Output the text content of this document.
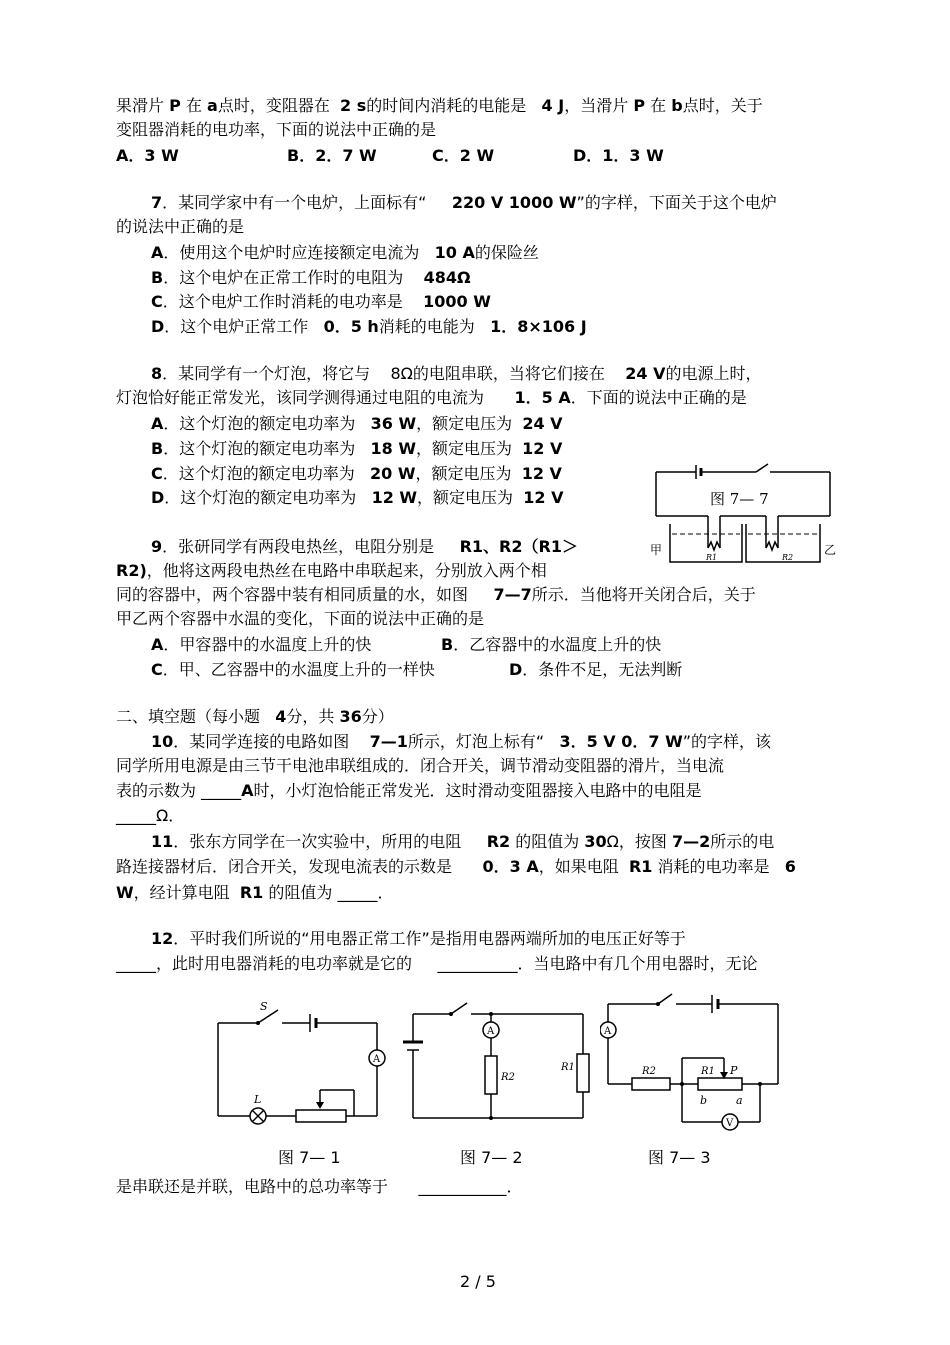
果滑片 P 在 a点时，变阻器在 2 s的时间内消耗的电能是 4 J，当滑片 P 在 b点时，关于
变阻器消耗的电功率，下面的说法中正确的是
A．3 W	B．2．7 W	C．2 W	D．1．3 W
7．某同学家中有一个电炉，上面标有“ 220 V 1000 W”的字样，下面关于这个电炉
的说法中正确的是
A．使用这个电炉时应连接额定电流为 10 A的保险丝
B．这个电炉在正常工作时的电阻为 484Ω
C．这个电炉工作时消耗的电功率是 1000 W
D．这个电炉正常工作 0．5 h消耗的电能为 1．8×106 J
8．某同学有一个灯泡，将它与 8Ω的电阻串联，当将它们接在 24 V的电源上时，
灯泡恰好能正常发光，该同学测得通过电阻的电流为 1．5 A．下面的说法中正确的是
A．这个灯泡的额定电功率为 36 W，额定电压为 24 V
B．这个灯泡的额定电功率为 18 W，额定电压为 12 V
C．这个灯泡的额定电功率为 20 W，额定电压为 12 V
D．这个灯泡的额定电功率为 12 W，额定电压为 12 V	图 7— 7
甲	乙
R1	R2
9．张研同学有两段电热丝，电阻分别是 R1、R2（R1＞
R2)，他将这两段电热丝在电路中串联起来，分别放入两个相
同的容器中，两个容器中装有相同质量的水，如图 7—7所示．当他将开关闭合后，关于
甲乙两个容器中水温的变化，下面的说法中正确的是
A．甲容器中的水温度上升的快	B．乙容器中的水温度上升的快
C．甲、乙容器中的水温度上升的一样快	D．条件不足，无法判断
二、填空题（每小题 4分，共 36分）
10．某同学连接的电路如图 7—1所示，灯泡上标有“ 3．5 V 0．7 W”的字样，该
同学所用电源是由三节干电池串联组成的．闭合开关，调节滑动变阻器的滑片，当电流
表的示数为 _____A时，小灯泡恰能正常发光．这时滑动变阻器接入电路中的电阻是
_____Ω．
11．张东方同学在一次实验中，所用的电阻 R2 的阻值为 30Ω，按图 7—2所示的电
路连接器材后．闭合开关，发现电流表的示数是 0．3 A，如果电阻 R1 消耗的电功率是 6
W，经计算电阻 R1 的阻值为 _____．
12．平时我们所说的“用电器正常工作”是指用电器两端所加的电压正好等于
_____，此时用电器消耗的电功率就是它的 __________．当电路中有几个用电器时，无论
S
A
L
图 7— 1
A
R2
R1
图 7— 2
A
R2	R1 P
b	a
V
图 7— 3
是串联还是并联，电路中的总功率等于 ___________．
2 / 5
